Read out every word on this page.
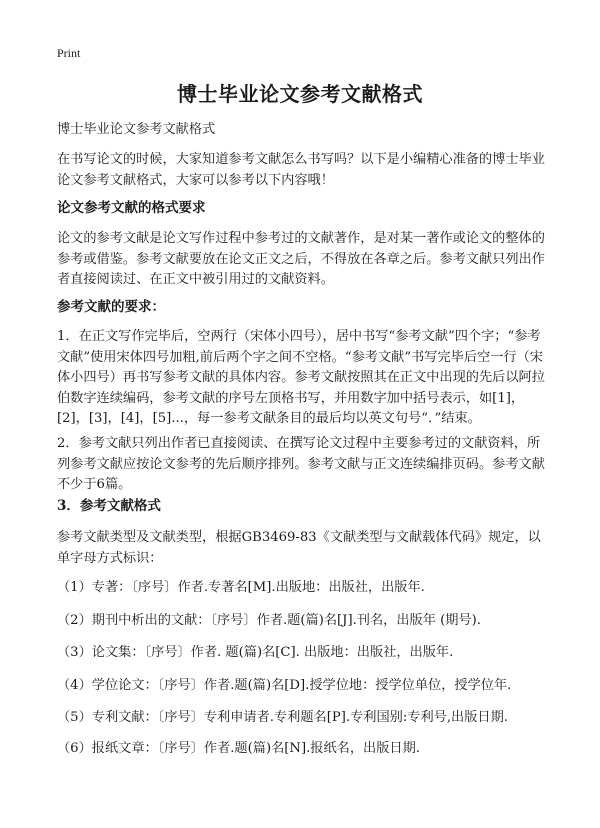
Print
博士毕业论文参考文献格式

博士毕业论文参考文献格式

在书写论文的时候，大家知道参考文献怎么书写吗？以下是小编精心准备的博士毕业论文参考文献格式，大家可以参考以下内容哦！

论文参考文献的格式要求

论文的参考文献是论文写作过程中参考过的文献著作，是对某一著作或论文的整体的参考或借鉴。参考文献要放在论文正文之后，不得放在各章之后。参考文献只列出作者直接阅读过、在正文中被引用过的文献资料。

参考文献的要求：

1．在正文写作完毕后，空两行（宋体小四号），居中书写“参考文献”四个字；“参考文献”使用宋体四号加粗,前后两个字之间不空格。“参考文献”书写完毕后空一行（宋体小四号）再书写参考文献的具体内容。参考文献按照其在正文中出现的先后以阿拉伯数字连续编码，参考文献的序号左顶格书写，并用数字加中括号表示，如[1]，[2]，[3]，[4]，[5]...，每一参考文献条目的最后均以英文句号“．”结束。

2．参考文献只列出作者已直接阅读、在撰写论文过程中主要参考过的文献资料，所列参考文献应按论文参考的先后顺序排列。参考文献与正文连续编排页码。参考文献不少于6篇。

3．参考文献格式

参考文献类型及文献类型，根据GB3469-83《文献类型与文献载体代码》规定，以单字母方式标识：

（1）专著：〔序号〕作者.专著名[M].出版地：出版社，出版年.

（2）期刊中析出的文献：〔序号〕作者.题(篇)名[J].刊名，出版年 (期号).

（3）论文集：〔序号〕作者. 题(篇)名[C]. 出版地：出版社，出版年.

（4）学位论文：〔序号〕作者.题(篇)名[D].授学位地：授学位单位，授学位年.

（5）专利文献：〔序号〕专利申请者.专利题名[P].专利国别:专利号,出版日期.

（6）报纸文章：〔序号〕作者.题(篇)名[N].报纸名，出版日期.
